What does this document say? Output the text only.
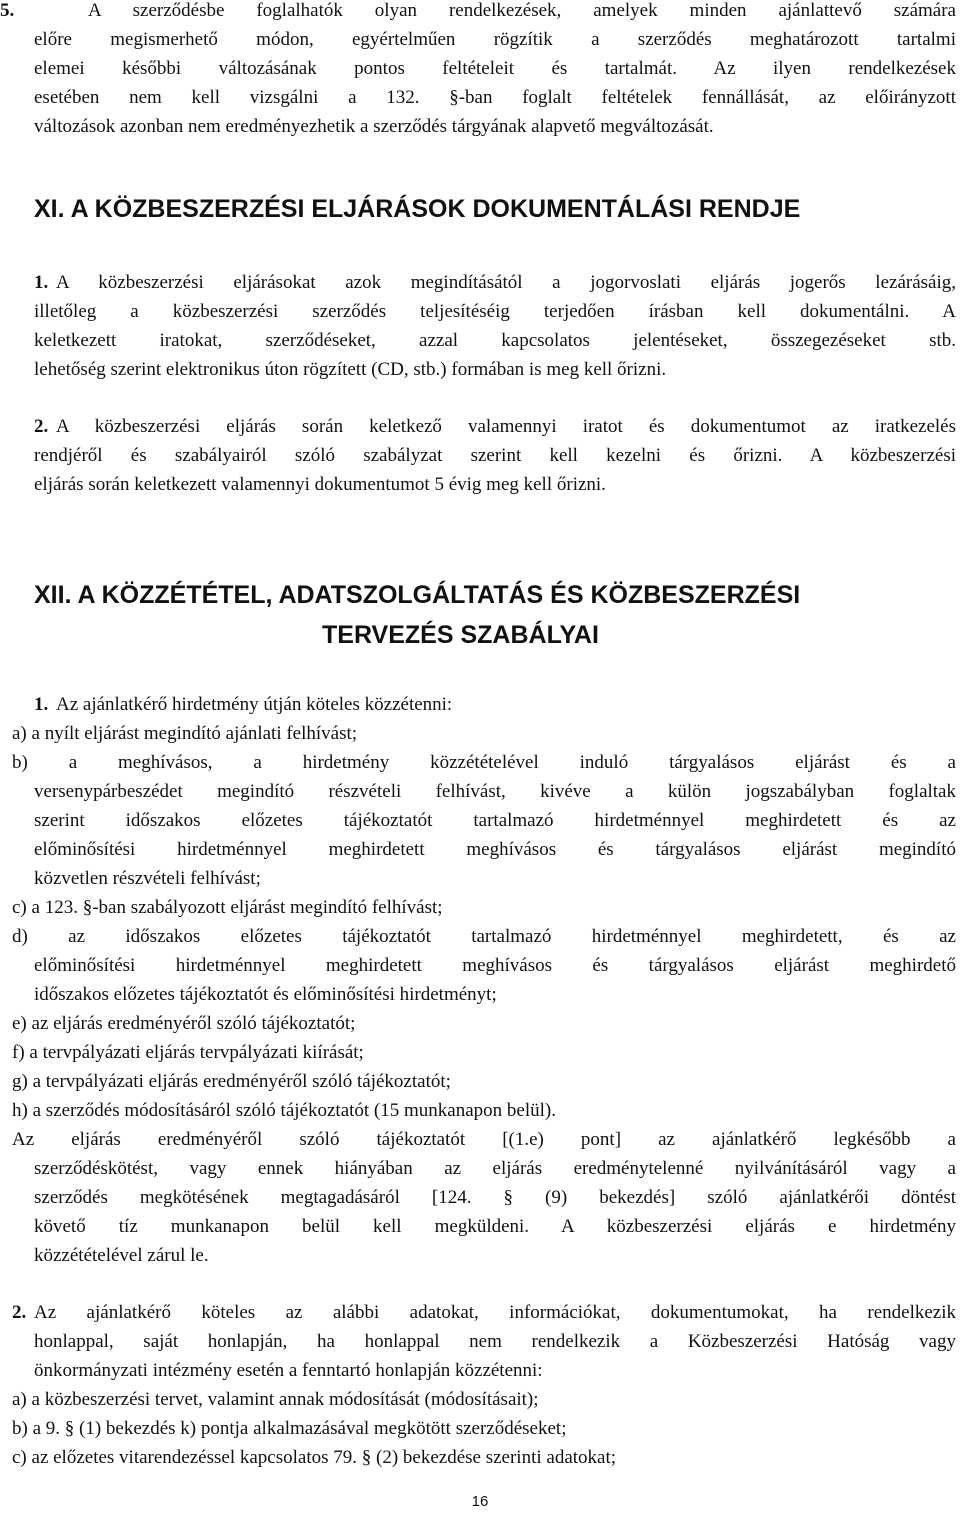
5.	A szerződésbe foglalhatók olyan rendelkezések, amelyek minden ajánlattevő számára
előre megismerhető módon, egyértelműen rögzítik a szerződés meghatározott tartalmi
elemei későbbi változásának pontos feltételeit és tartalmát. Az ilyen rendelkezések
esetében nem kell vizsgálni a 132. §-ban foglalt feltételek fennállását, az előirányzott
változások azonban nem eredményezhetik a szerződés tárgyának alapvető megváltozását.
XI. A KÖZBESZERZÉSI ELJÁRÁSOK DOKUMENTÁLÁSI RENDJE
1. A közbeszerzési eljárásokat azok megindításától a jogorvoslati eljárás jogerős lezárásáig,
illetőleg a közbeszerzési szerződés teljesítéséig terjedően írásban kell dokumentálni. A
keletkezett iratokat, szerződéseket, azzal kapcsolatos jelentéseket, összegezéseket stb.
lehetőség szerint elektronikus úton rögzített (CD, stb.) formában is meg kell őrizni.
2. A közbeszerzési eljárás során keletkező valamennyi iratot és dokumentumot az iratkezelés
rendjéről és szabályairól szóló szabályzat szerint kell kezelni és őrizni. A közbeszerzési
eljárás során keletkezett valamennyi dokumentumot 5 évig meg kell őrizni.
XII. A KÖZZÉTÉTEL, ADATSZOLGÁLTATÁS ÉS KÖZBESZERZÉSI
TERVEZÉS SZABÁLYAI
1. Az ajánlatkérő hirdetmény útján köteles közzétenni:
a) a nyílt eljárást megindító ajánlati felhívást;
b) a meghívásos, a hirdetmény közzétételével induló tárgyalásos eljárást és a
versenypárbeszédet megindító részvételi felhívást, kivéve a külön jogszabályban foglaltak
szerint időszakos előzetes tájékoztatót tartalmazó hirdetménnyel meghirdetett és az
előminősítési hirdetménnyel meghirdetett meghívásos és tárgyalásos eljárást megindító
közvetlen részvételi felhívást;
c) a 123. §-ban szabályozott eljárást megindító felhívást;
d) az időszakos előzetes tájékoztatót tartalmazó hirdetménnyel meghirdetett, és az
előminősítési hirdetménnyel meghirdetett meghívásos és tárgyalásos eljárást meghirdető
időszakos előzetes tájékoztatót és előminősítési hirdetményt;
e) az eljárás eredményéről szóló tájékoztatót;
f) a tervpályázati eljárás tervpályázati kiírását;
g) a tervpályázati eljárás eredményéről szóló tájékoztatót;
h) a szerződés módosításáról szóló tájékoztatót (15 munkanapon belül).
Az eljárás eredményéről szóló tájékoztatót [(1.e) pont] az ajánlatkérő legkésőbb a
szerződéskötést, vagy ennek hiányában az eljárás eredménytelenné nyilvánításáról vagy a
szerződés megkötésének megtagadásáról [124. § (9) bekezdés] szóló ajánlatkérői döntést
követő tíz munkanapon belül kell megküldeni. A közbeszerzési eljárás e hirdetmény
közzétételével zárul le.
2. Az ajánlatkérő köteles az alábbi adatokat, információkat, dokumentumokat, ha rendelkezik
honlappal, saját honlapján, ha honlappal nem rendelkezik a Közbeszerzési Hatóság vagy
önkormányzati intézmény esetén a fenntartó honlapján közzétenni:
a) a közbeszerzési tervet, valamint annak módosítását (módosításait);
b) a 9. § (1) bekezdés k) pontja alkalmazásával megkötött szerződéseket;
c) az előzetes vitarendezéssel kapcsolatos 79. § (2) bekezdése szerinti adatokat;
16
